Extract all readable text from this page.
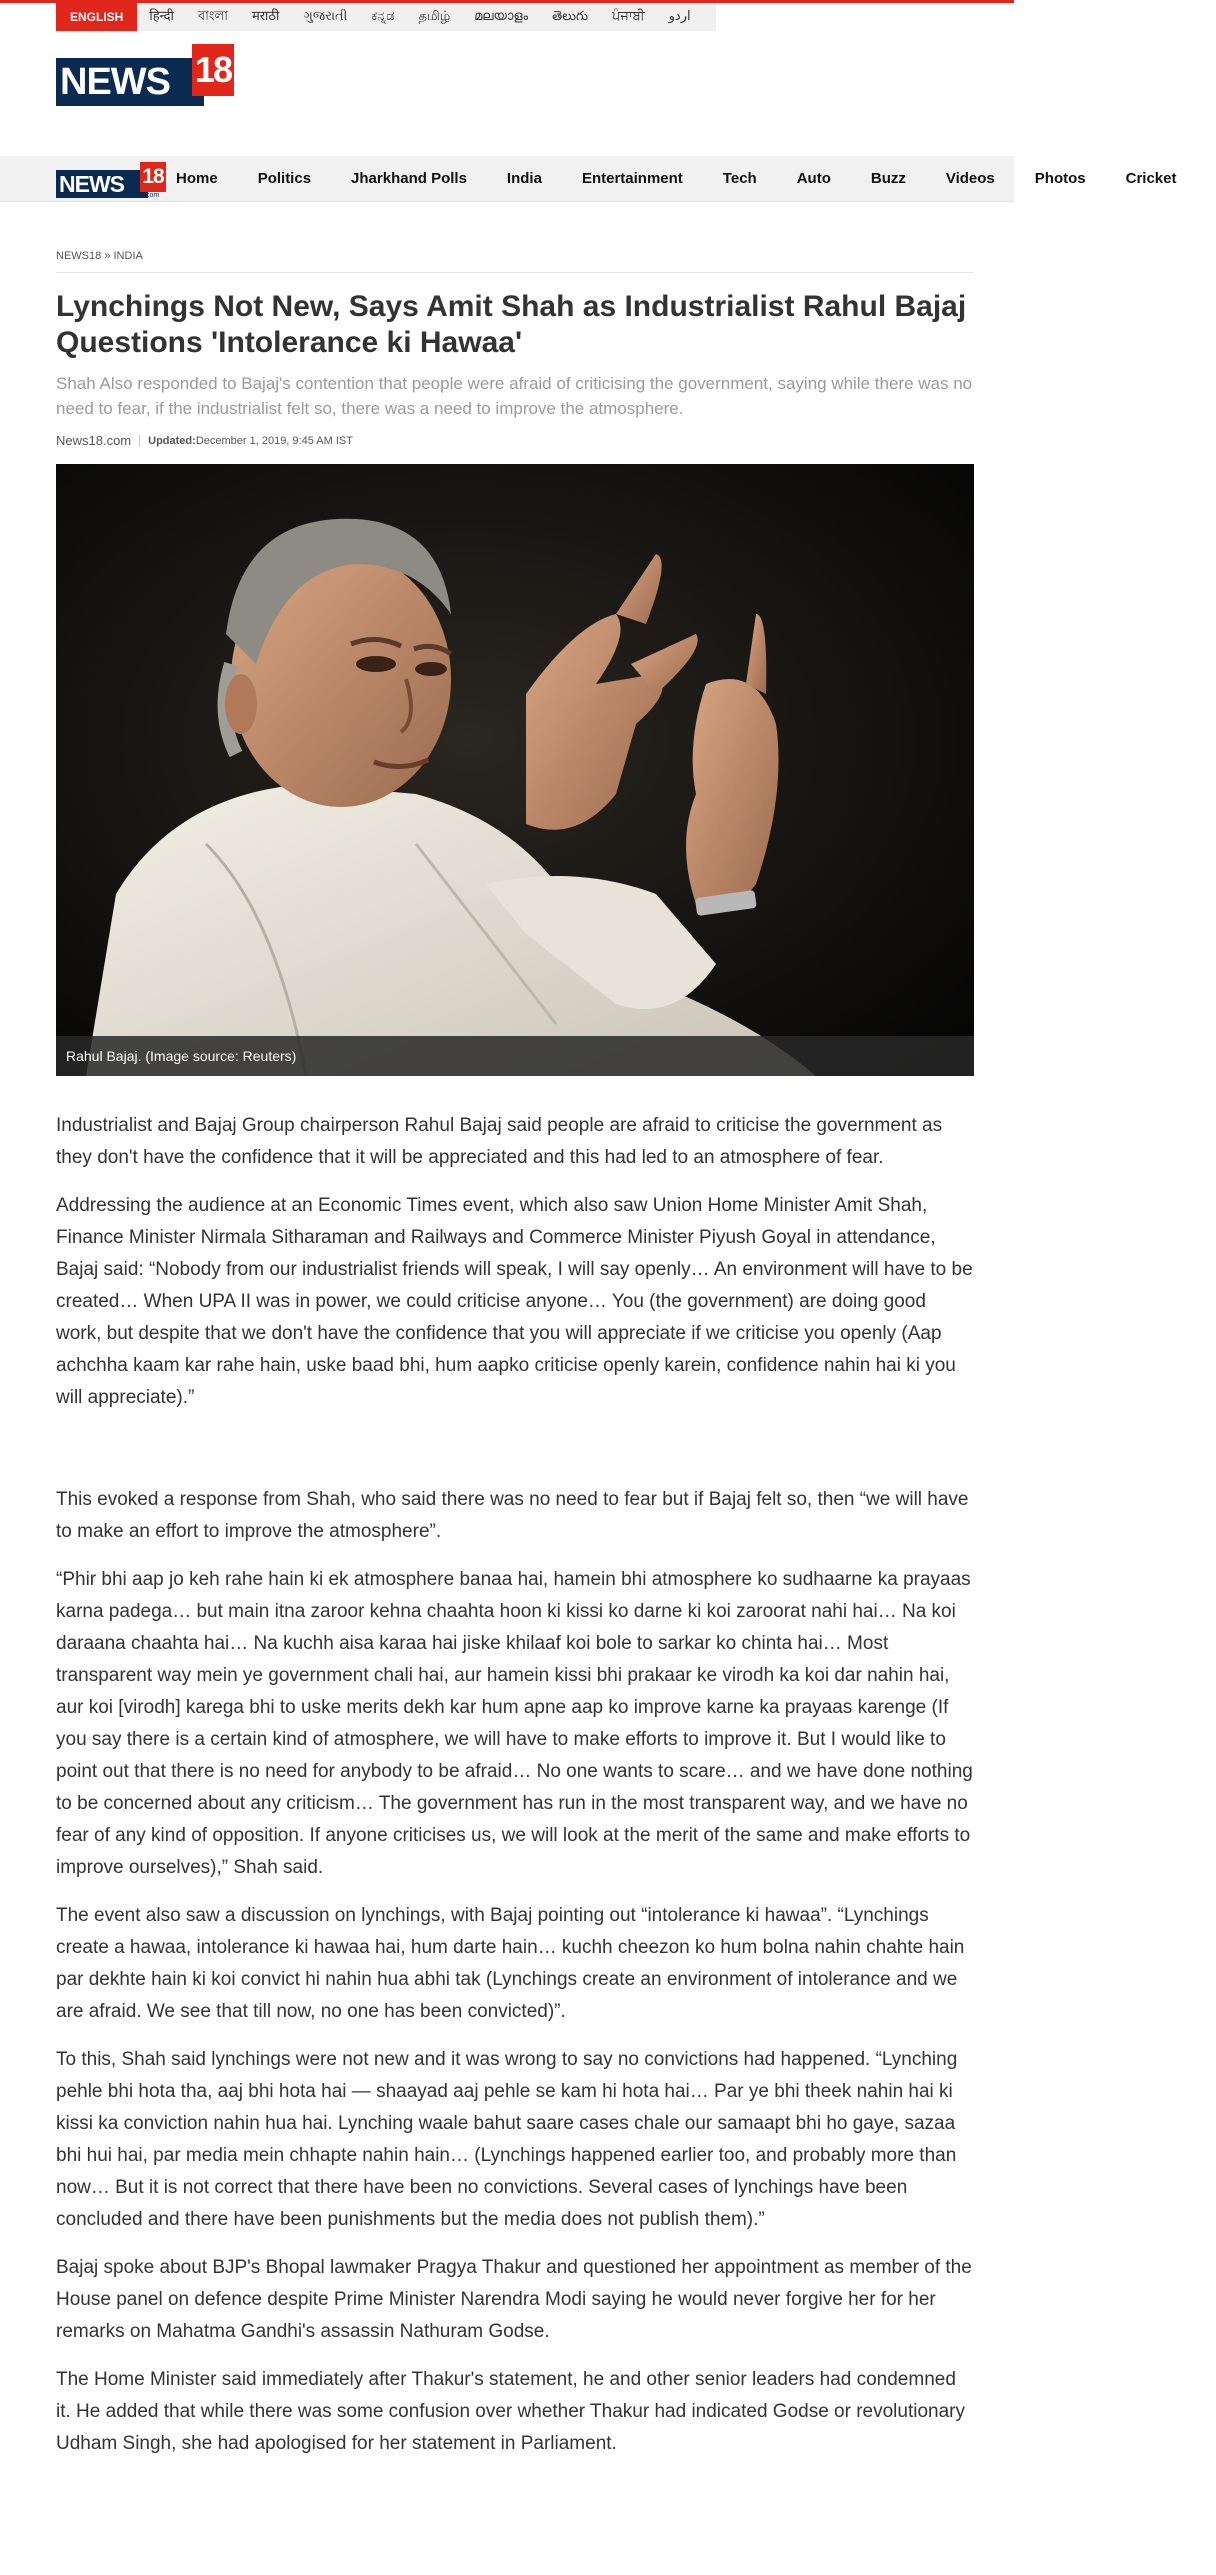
ENGLISH	हिन्दी	বাংলা	मराठी	ગુજરાતી	ಕನ್ನಡ	தமிழ்	മലയാളം	తెలుగు	ਪੰਜਾਬੀ	اردو
NEWS 18
NEWS 18
.com
Home	Politics	Jharkhand Polls	India	Entertainment	Tech	Auto	Buzz	Videos	Photos	Cricket
NEWS18 » INDIA
Lynchings Not New, Says Amit Shah as Industrialist Rahul Bajaj Questions 'Intolerance ki Hawaa'
Shah Also responded to Bajaj's contention that people were afraid of criticising the government, saying while there was no need to fear, if the industrialist felt so, there was a need to improve the atmosphere.
News18.com Updated: December 1, 2019, 9:45 AM IST
Rahul Bajaj. (Image source: Reuters)

Industrialist and Bajaj Group chairperson Rahul Bajaj said people are afraid to criticise the government as they don't have the confidence that it will be appreciated and this had led to an atmosphere of fear.

Addressing the audience at an Economic Times event, which also saw Union Home Minister Amit Shah, Finance Minister Nirmala Sitharaman and Railways and Commerce Minister Piyush Goyal in attendance, Bajaj said: “Nobody from our industrialist friends will speak, I will say openly… An environment will have to be created… When UPA II was in power, we could criticise anyone… You (the government) are doing good work, but despite that we don't have the confidence that you will appreciate if we criticise you openly (Aap achchha kaam kar rahe hain, uske baad bhi, hum aapko criticise openly karein, confidence nahin hai ki you will appreciate).”

This evoked a response from Shah, who said there was no need to fear but if Bajaj felt so, then “we will have to make an effort to improve the atmosphere”.

“Phir bhi aap jo keh rahe hain ki ek atmosphere banaa hai, hamein bhi atmosphere ko sudhaarne ka prayaas karna padega… but main itna zaroor kehna chaahta hoon ki kissi ko darne ki koi zaroorat nahi hai… Na koi daraana chaahta hai… Na kuchh aisa karaa hai jiske khilaaf koi bole to sarkar ko chinta hai… Most transparent way mein ye government chali hai, aur hamein kissi bhi prakaar ke virodh ka koi dar nahin hai, aur koi [virodh] karega bhi to uske merits dekh kar hum apne aap ko improve karne ka prayaas karenge (If you say there is a certain kind of atmosphere, we will have to make efforts to improve it. But I would like to point out that there is no need for anybody to be afraid… No one wants to scare… and we have done nothing to be concerned about any criticism… The government has run in the most transparent way, and we have no fear of any kind of opposition. If anyone criticises us, we will look at the merit of the same and make efforts to improve ourselves),” Shah said.

The event also saw a discussion on lynchings, with Bajaj pointing out “intolerance ki hawaa”. “Lynchings create a hawaa, intolerance ki hawaa hai, hum darte hain… kuchh cheezon ko hum bolna nahin chahte hain par dekhte hain ki koi convict hi nahin hua abhi tak (Lynchings create an environment of intolerance and we are afraid. We see that till now, no one has been convicted)”.

To this, Shah said lynchings were not new and it was wrong to say no convictions had happened. “Lynching pehle bhi hota tha, aaj bhi hota hai — shaayad aaj pehle se kam hi hota hai… Par ye bhi theek nahin hai ki kissi ka conviction nahin hua hai. Lynching waale bahut saare cases chale our samaapt bhi ho gaye, sazaa bhi hui hai, par media mein chhapte nahin hain… (Lynchings happened earlier too, and probably more than now… But it is not correct that there have been no convictions. Several cases of lynchings have been concluded and there have been punishments but the media does not publish them).”

Bajaj spoke about BJP's Bhopal lawmaker Pragya Thakur and questioned her appointment as member of the House panel on defence despite Prime Minister Narendra Modi saying he would never forgive her for her remarks on Mahatma Gandhi's assassin Nathuram Godse.

The Home Minister said immediately after Thakur's statement, he and other senior leaders had condemned it. He added that while there was some confusion over whether Thakur had indicated Godse or revolutionary Udham Singh, she had apologised for her statement in Parliament.
